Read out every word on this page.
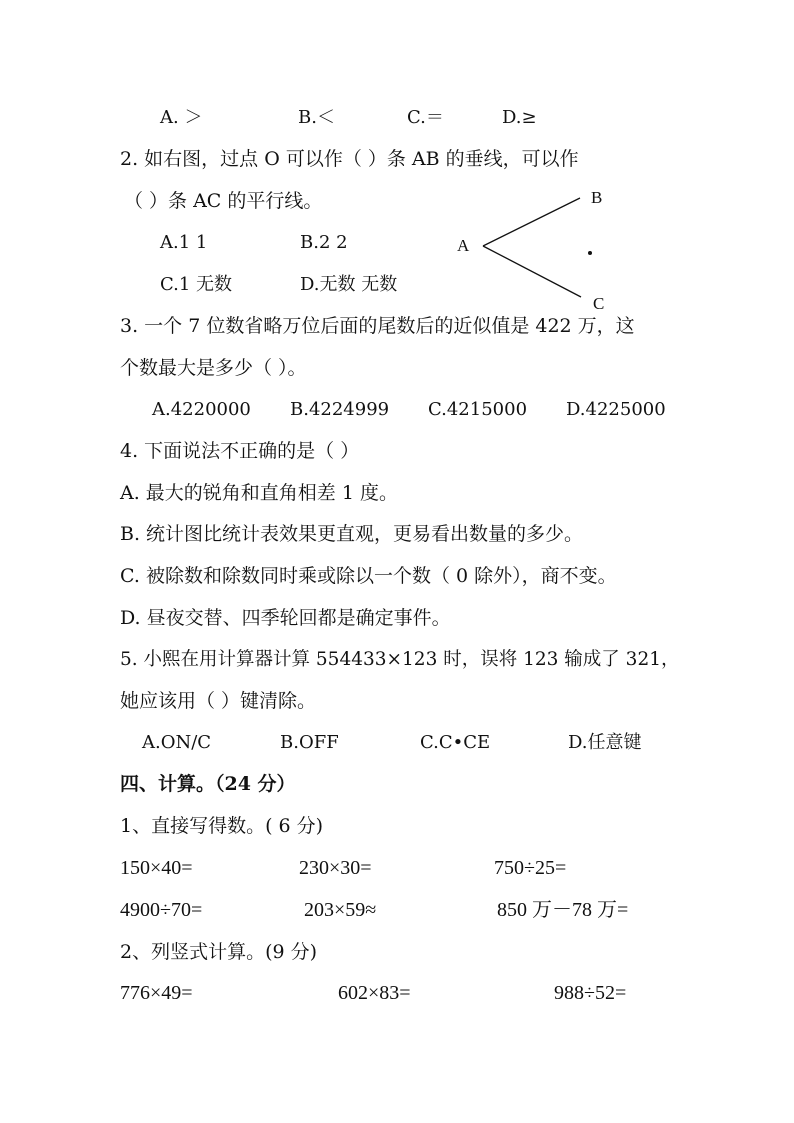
A. ＞	B.＜	C.＝	D.≥
2. 如右图，过点 O 可以作（ ）条 AB 的垂线，可以作
（ ）条 AC 的平行线。
A.1 1	B.2 2
C.1 无数	D.无数 无数
A
B
C
3. 一个 7 位数省略万位后面的尾数后的近似值是 422 万，这
个数最大是多少（ ）。
A.4220000 B.4224999 C.4215000 D.4225000
4. 下面说法不正确的是（ ）
A. 最大的锐角和直角相差 1 度。
B. 统计图比统计表效果更直观，更易看出数量的多少。
C. 被除数和除数同时乘或除以一个数（ 0 除外），商不变。
D. 昼夜交替、四季轮回都是确定事件。
5. 小熙在用计算器计算 554433×123 时，误将 123 输成了 321，
她应该用（ ）键清除。
A.ON/C	B.OFF	C.C•CE	D.任意键
四、计算。（24 分）
1、直接写得数。( 6 分)
150×40=	230×30=	750÷25=
4900÷70=	203×59≈	850 万－78 万=
2、列竖式计算。(9 分)
776×49=	602×83=	988÷52=
